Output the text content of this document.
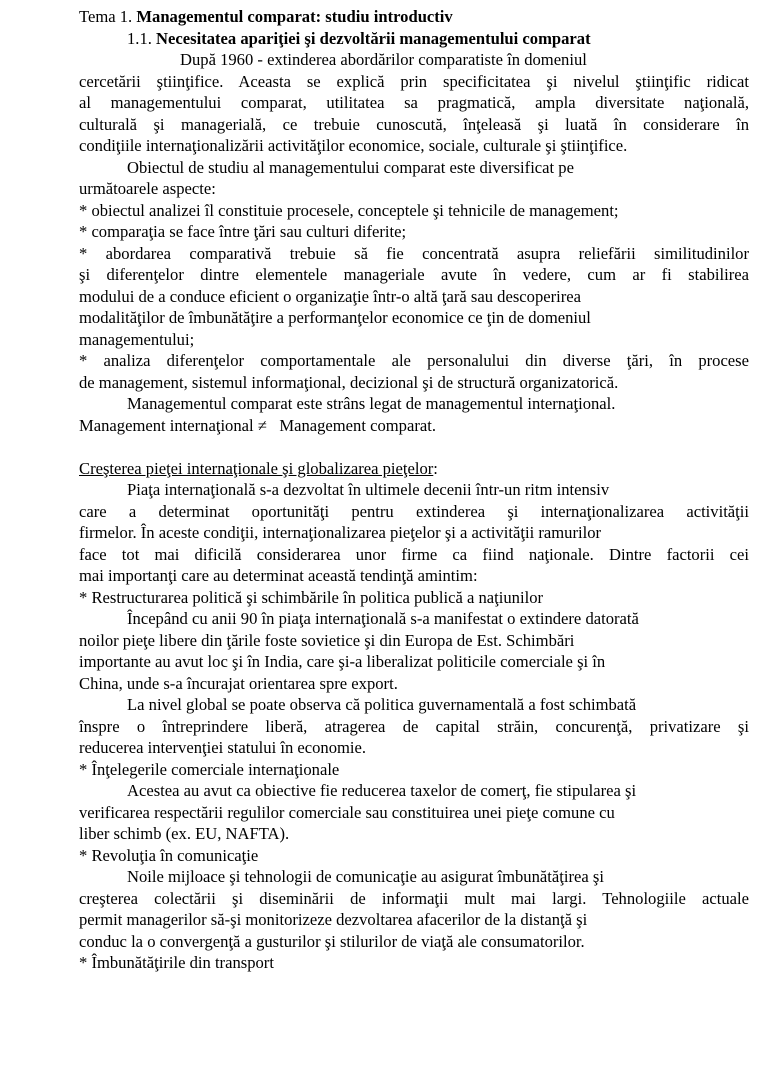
Tema 1. Managementul comparat: studiu introductiv
1.1. Necesitatea apariţiei şi dezvoltării managementului comparat
După 1960 - extinderea abordărilor comparatiste în domeniul
cercetării ştiinţifice. Aceasta se explică prin specificitatea şi nivelul ştiinţific ridicat
al managementului comparat, utilitatea sa pragmatică, ampla diversitate naţională,
culturală şi managerială, ce trebuie cunoscută, înţeleasă şi luată în considerare în
condiţiile internaţionalizării activităţilor economice, sociale, culturale şi ştiinţifice.
Obiectul de studiu al managementului comparat este diversificat pe
următoarele aspecte:
* obiectul analizei îl constituie procesele, conceptele şi tehnicile de management;
* comparaţia se face între ţări sau culturi diferite;
* abordarea comparativă trebuie să fie concentrată asupra reliefării similitudinilor
şi diferenţelor dintre elementele manageriale avute în vedere, cum ar fi stabilirea
modului de a conduce eficient o organizaţie într-o altă ţară sau descoperirea
modalităţilor de îmbunătăţire a performanţelor economice ce ţin de domeniul
managementului;
* analiza diferenţelor comportamentale ale personalului din diverse ţări, în procese
de management, sistemul informaţional, decizional şi de structură organizatorică.
Managementul comparat este strâns legat de managementul internaţional.
Management internaţional ≠   Management comparat.
Creşterea pieţei internaţionale şi globalizarea pieţelor:
Piaţa internaţională s-a dezvoltat în ultimele decenii într-un ritm intensiv
care a determinat oportunităţi pentru extinderea şi internaţionalizarea activităţii
firmelor. În aceste condiţii, internaţionalizarea pieţelor şi a activităţii ramurilor
face tot mai dificilă considerarea unor firme ca fiind naţionale. Dintre factorii cei
mai importanţi care au determinat această tendinţă amintim:
* Restructurarea politică şi schimbările în politica publică a naţiunilor
Începând cu anii 90 în piaţa internaţională s-a manifestat o extindere datorată
noilor pieţe libere din ţările foste sovietice şi din Europa de Est. Schimbări
importante au avut loc şi în India, care şi-a liberalizat politicile comerciale şi în
China, unde s-a încurajat orientarea spre export.
La nivel global se poate observa că politica guvernamentală a fost schimbată
înspre o întreprindere liberă, atragerea de capital străin, concurenţă, privatizare şi
reducerea intervenţiei statului în economie.
* Înţelegerile comerciale internaţionale
Acestea au avut ca obiective fie reducerea taxelor de comerţ, fie stipularea şi
verificarea respectării regulilor comerciale sau constituirea unei pieţe comune cu
liber schimb (ex. EU, NAFTA).
* Revoluţia în comunicaţie
Noile mijloace şi tehnologii de comunicaţie au asigurat îmbunătăţirea şi
creşterea colectării şi diseminării de informaţii mult mai largi. Tehnologiile actuale
permit managerilor să-şi monitorizeze dezvoltarea afacerilor de la distanţă şi
conduc la o convergenţă a gusturilor şi stilurilor de viaţă ale consumatorilor.
* Îmbunătăţirile din transport
